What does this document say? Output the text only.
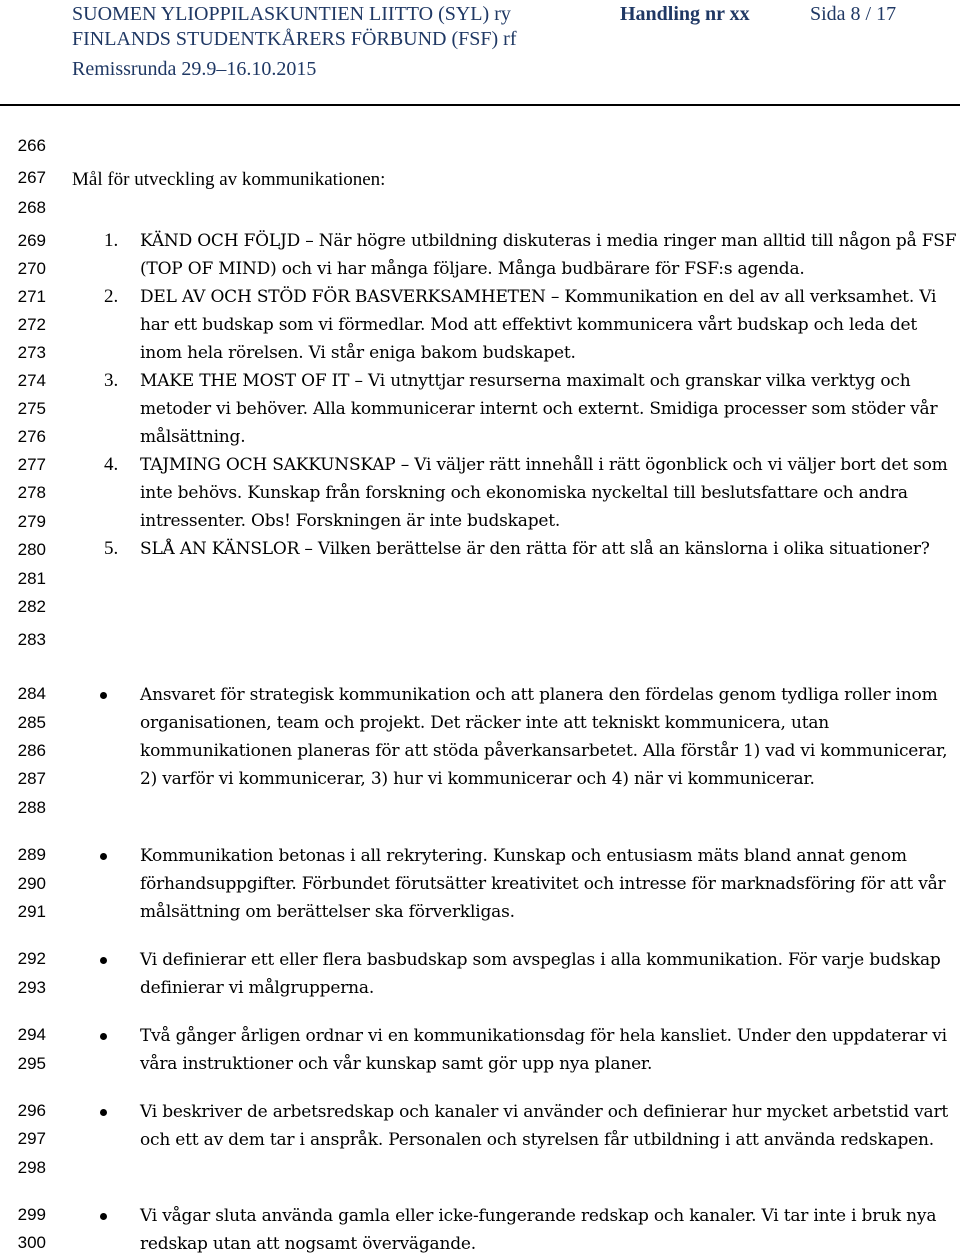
SUOMEN YLIOPPILASKUNTIEN LIITTO (SYL) ry
FINLANDS STUDENTKÅRERS FÖRBUND (FSF) rf
Remissrunda 29.9–16.10.2015
Handling nr xx	Sida 8 / 17
266
267
268
269
270
271
272
273
274
275
276
277
278
279
280
281
282
283
284
285
286
287
288
289
290
291
292
293
294
295
296
297
298
299
300
Mål för utveckling av kommunikationen:
1. KÄND OCH FÖLJD – När högre utbildning diskuteras i media ringer man alltid till någon på FSF (TOP OF MIND) och vi har många följare. Många budbärare för FSF:s agenda.
2. DEL AV OCH STÖD FÖR BASVERKSAMHETEN – Kommunikation en del av all verksamhet. Vi har ett budskap som vi förmedlar. Mod att effektivt kommunicera vårt budskap och leda det inom hela rörelsen. Vi står eniga bakom budskapet.
3. MAKE THE MOST OF IT – Vi utnyttjar resurserna maximalt och granskar vilka verktyg och metoder vi behöver. Alla kommunicerar internt och externt. Smidiga processer som stöder vår målsättning.
4. TAJMING OCH SAKKUNSKAP – Vi väljer rätt innehåll i rätt ögonblick och vi väljer bort det som inte behövs. Kunskap från forskning och ekonomiska nyckeltal till beslutsfattare och andra intressenter. Obs! Forskningen är inte budskapet.
5. SLÅ AN KÄNSLOR – Vilken berättelse är den rätta för att slå an känslorna i olika situationer?
Ansvaret för strategisk kommunikation och att planera den fördelas genom tydliga roller inom organisationen, team och projekt. Det räcker inte att tekniskt kommunicera, utan kommunikationen planeras för att stöda påverkansarbetet. Alla förstår 1) vad vi kommunicerar, 2) varför vi kommunicerar, 3) hur vi kommunicerar och 4) när vi kommunicerar.
Kommunikation betonas i all rekrytering. Kunskap och entusiasm mäts bland annat genom förhandsuppgifter. Förbundet förutsätter kreativitet och intresse för marknadsföring för att vår målsättning om berättelser ska förverkligas.
Vi definierar ett eller flera basbudskap som avspeglas i alla kommunikation. För varje budskap definierar vi målgrupperna.
Två gånger årligen ordnar vi en kommunikationsdag för hela kansliet. Under den uppdaterar vi våra instruktioner och vår kunskap samt gör upp nya planer.
Vi beskriver de arbetsredskap och kanaler vi använder och definierar hur mycket arbetstid vart och ett av dem tar i anspråk. Personalen och styrelsen får utbildning i att använda redskapen.
Vi vågar sluta använda gamla eller icke-fungerande redskap och kanaler. Vi tar inte i bruk nya redskap utan att nogsamt övervägande.
